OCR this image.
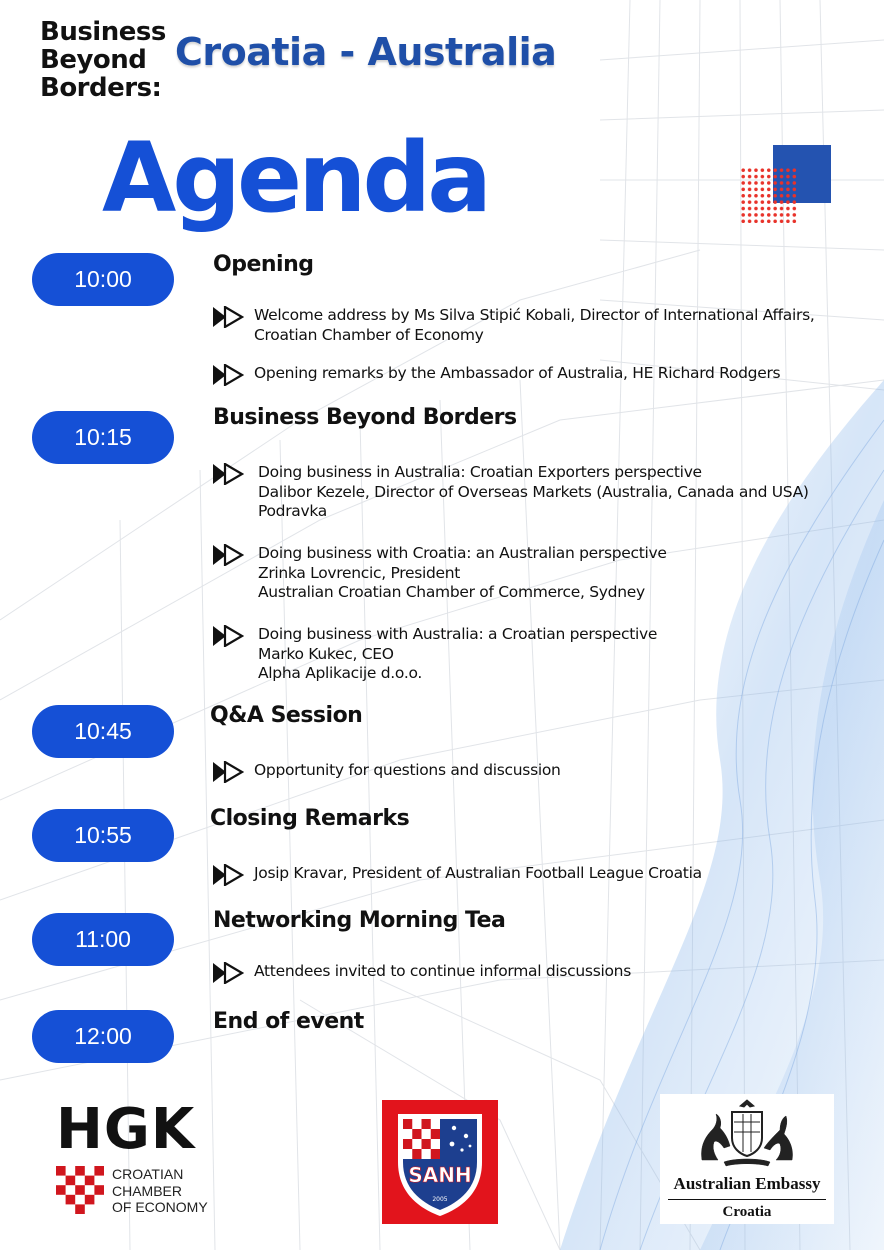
Business
Beyond
Borders:
Croatia - Australia
Agenda
10:00
10:15
10:45
10:55
11:00
12:00
Opening
Business Beyond Borders
Q&A Session
Closing Remarks
Networking Morning Tea
End of event
Welcome address by Ms Silva Stipić Kobali, Director of International Affairs,
Croatian Chamber of Economy
Opening remarks by the Ambassador of Australia, HE Richard Rodgers
Doing business in Australia: Croatian Exporters perspective
Dalibor Kezele, Director of Overseas Markets (Australia, Canada and USA)
Podravka
Doing business with Croatia: an Australian perspective
Zrinka Lovrencic, President
Australian Croatian Chamber of Commerce, Sydney
Doing business with Australia: a Croatian perspective
Marko Kukec, CEO
Alpha Aplikacije d.o.o.
Opportunity for questions and discussion
Josip Kravar, President of Australian Football League Croatia
Attendees invited to continue informal discussions
HGK
CROATIAN
CHAMBER
OF ECONOMY
SANH
2005
Australian Embassy
Croatia
